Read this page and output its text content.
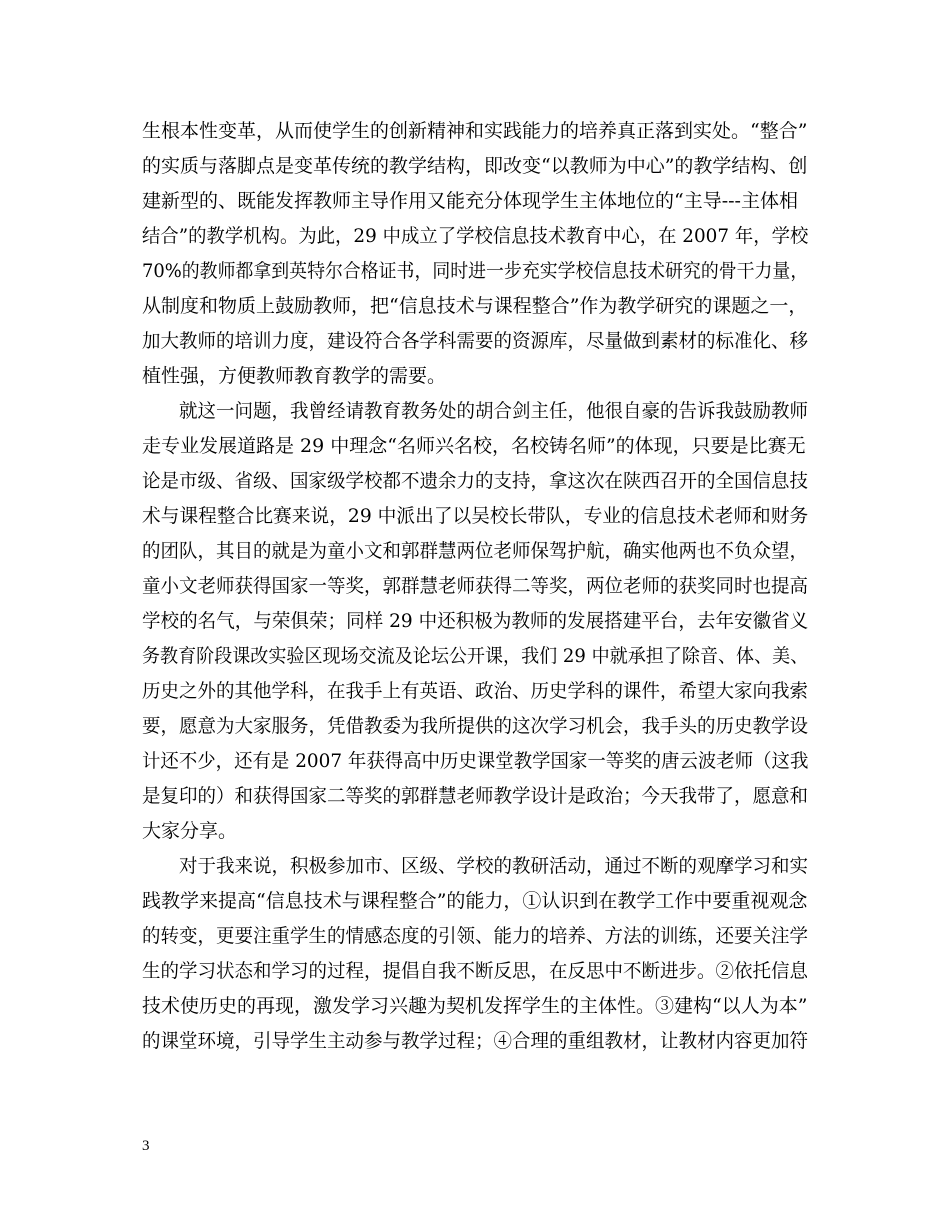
生根本性变革，从而使学生的创新精神和实践能力的培养真正落到实处。“整合”
的实质与落脚点是变革传统的教学结构，即改变“以教师为中心”的教学结构、创
建新型的、既能发挥教师主导作用又能充分体现学生主体地位的“主导---主体相
结合”的教学机构。为此，29 中成立了学校信息技术教育中心，在 2007 年，学校
70%的教师都拿到英特尔合格证书，同时进一步充实学校信息技术研究的骨干力量，
从制度和物质上鼓励教师，把“信息技术与课程整合”作为教学研究的课题之一，
加大教师的培训力度，建设符合各学科需要的资源库，尽量做到素材的标准化、移
植性强，方便教师教育教学的需要。
　　就这一问题，我曾经请教育教务处的胡合剑主任，他很自豪的告诉我鼓励教师
走专业发展道路是 29 中理念“名师兴名校，名校铸名师”的体现，只要是比赛无
论是市级、省级、国家级学校都不遗余力的支持，拿这次在陕西召开的全国信息技
术与课程整合比赛来说，29 中派出了以吴校长带队，专业的信息技术老师和财务
的团队，其目的就是为童小文和郭群慧两位老师保驾护航，确实他两也不负众望，
童小文老师获得国家一等奖，郭群慧老师获得二等奖，两位老师的获奖同时也提高
学校的名气，与荣俱荣；同样 29 中还积极为教师的发展搭建平台，去年安徽省义
务教育阶段课改实验区现场交流及论坛公开课，我们 29 中就承担了除音、体、美、
历史之外的其他学科，在我手上有英语、政治、历史学科的课件，希望大家向我索
要，愿意为大家服务，凭借教委为我所提供的这次学习机会，我手头的历史教学设
计还不少，还有是 2007 年获得高中历史课堂教学国家一等奖的唐云波老师（这我
是复印的）和获得国家二等奖的郭群慧老师教学设计是政治；今天我带了，愿意和
大家分享。
　　对于我来说，积极参加市、区级、学校的教研活动，通过不断的观摩学习和实
践教学来提高“信息技术与课程整合”的能力，①认识到在教学工作中要重视观念
的转变，更要注重学生的情感态度的引领、能力的培养、方法的训练，还要关注学
生的学习状态和学习的过程，提倡自我不断反思，在反思中不断进步。②依托信息
技术使历史的再现，激发学习兴趣为契机发挥学生的主体性。③建构“以人为本”
的课堂环境，引导学生主动参与教学过程；④合理的重组教材，让教材内容更加符
3
